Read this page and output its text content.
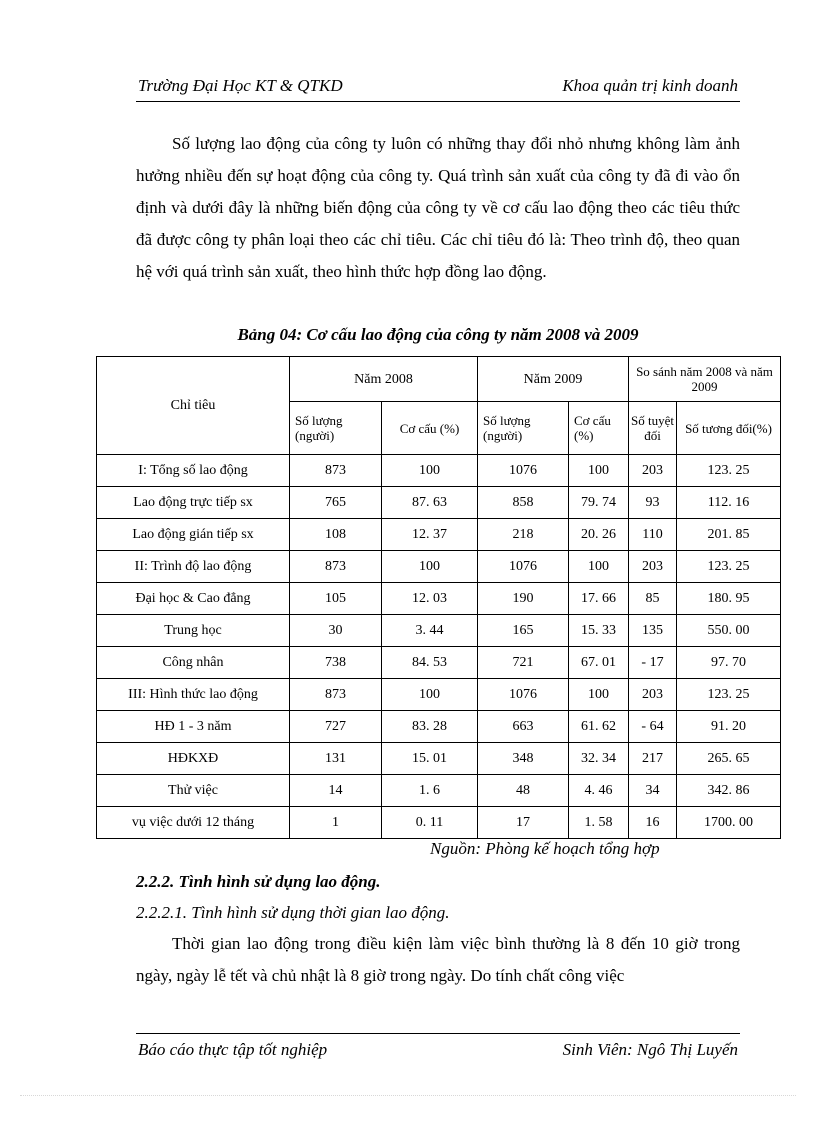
Trường Đại Học KT & QTKD	Khoa quản trị kinh doanh

Số lượng lao động của công ty luôn có những thay đổi nhỏ nhưng không làm ảnh hưởng nhiều đến sự hoạt động của công ty. Quá trình sản xuất của công ty đã đi vào ổn định và dưới đây là những biến động của công ty về cơ cấu lao động theo các tiêu thức đã được công ty phân loại theo các chỉ tiêu. Các chỉ tiêu đó là: Theo trình độ, theo quan hệ với quá trình sản xuất, theo hình thức hợp đồng lao động.

Bảng 04: Cơ cấu lao động của công ty năm 2008 và 2009
Chỉ tiêu	Năm 2008		Năm 2009		So sánh năm 2008 và năm 2009	
	Số lượng (người)	Cơ cấu (%)	Số lượng (người)	Cơ cấu (%)	Số tuyệt đối	Số tương đối(%)
I: Tổng số lao động	873	100	1076	100	203	123. 25
Lao động trực tiếp sx	765	87. 63	858	79. 74	93	112. 16
Lao động gián tiếp sx	108	12. 37	218	20. 26	110	201. 85
II: Trình độ lao động	873	100	1076	100	203	123. 25
Đại học & Cao đẳng	105	12. 03	190	17. 66	85	180. 95
Trung học	30	3. 44	165	15. 33	135	550. 00
Công nhân	738	84. 53	721	67. 01	- 17	97. 70
III: Hình thức lao động	873	100	1076	100	203	123. 25
HĐ 1 - 3 năm	727	83. 28	663	61. 62	- 64	91. 20
HĐKXĐ	131	15. 01	348	32. 34	217	265. 65
Thử việc	14	1. 6	48	4. 46	34	342. 86
vụ việc dưới 12 tháng	1	0. 11	17	1. 58	16	1700. 00
Nguồn: Phòng kế hoạch tổng hợp
2.2.2. Tình hình sử dụng lao động.
2.2.2.1. Tình hình sử dụng thời gian lao động.

Thời gian lao động trong điều kiện làm việc bình thường là 8 đến 10 giờ trong ngày, ngày lễ tết và chủ nhật là 8 giờ trong ngày. Do tính chất công việc

Báo cáo thực tập tốt nghiệp	Sinh Viên: Ngô Thị Luyến
